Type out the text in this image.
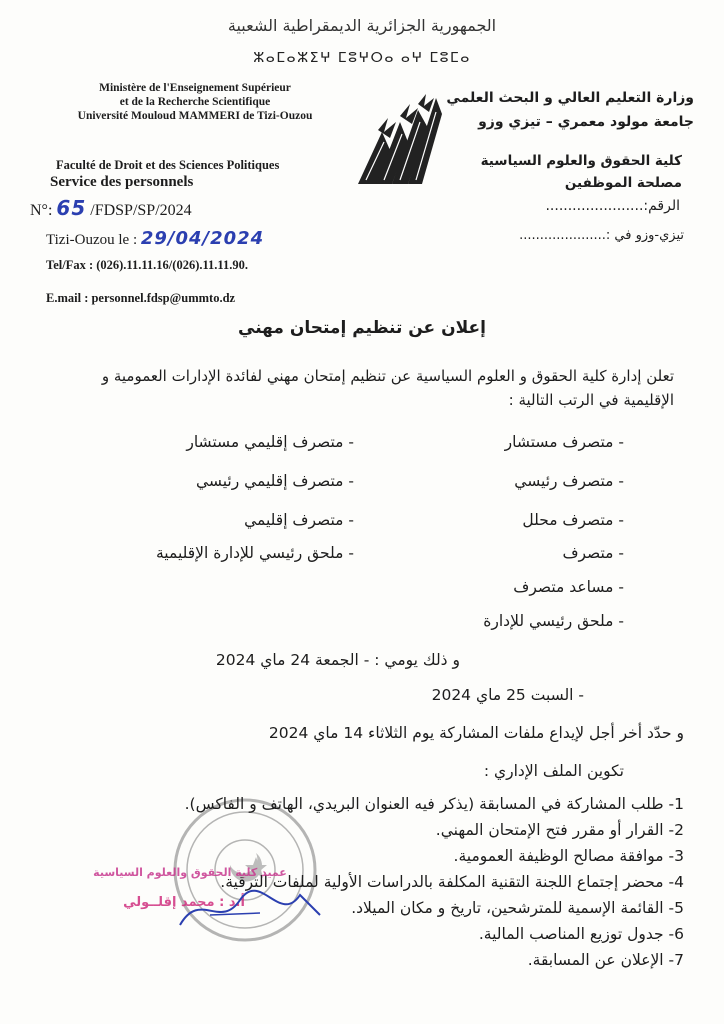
الجمهورية الجزائرية الديمقراطية الشعبية
ⵣⴰⵎⴰⵣⵉⵖ ⵎⵓⵖⵔⴰ ⴰⵖ ⵎⵓⵎⴰ
Ministère de l'Enseignement Supérieur
et de la Recherche Scientifique
Université Mouloud MAMMERI de Tizi-Ouzou
وزارة التعليم العالي و البحث العلمي
جامعة مولود معمري – تيزي وزو
Faculté de Droit et des Sciences Politiques
Service des personnels
N°: 65 /FDSP/SP/2024
Tizi-Ouzou le : 29/04/2024
Tel/Fax : (026).11.11.16/(026).11.11.90.
E.mail : personnel.fdsp@ummto.dz
كلية الحقوق والعلوم السياسية
مصلحة الموظفين
الرقم:......................
تيزي-وزو في :.....................
إعلان عن تنظيم إمتحان مهني
تعلن إدارة كلية الحقوق و العلوم السياسية عن تنظيم إمتحان مهني لفائدة الإدارات العمومية و الإقليمية في الرتب التالية :
- متصرف مستشار
- متصرف رئيسي
- متصرف محلل
- متصرف
- مساعد متصرف
- ملحق رئيسي للإدارة
- متصرف إقليمي مستشار
- متصرف إقليمي رئيسي
- متصرف إقليمي
- ملحق رئيسي للإدارة الإقليمية
و ذلك يومي : - الجمعة 24 ماي 2024
- السبت 25 ماي 2024
و حدّد أخر أجل لإيداع ملفات المشاركة يوم الثلاثاء 14 ماي 2024
تكوين الملف الإداري :
1- طلب المشاركة في المسابقة (يذكر فيه العنوان البريدي، الهاتف و الفاكس).
2- القرار أو مقرر فتح الإمتحان المهني.
3- موافقة مصالح الوظيفة العمومية.
4- محضر إجتماع اللجنة التقنية المكلفة بالدراسات الأولية لملفات الترقية.
5- القائمة الإسمية للمترشحين، تاريخ و مكان الميلاد.
6- جدول توزيع المناصب المالية.
7- الإعلان عن المسابقة.
عميد كلية الحقوق والعلوم السياسية
أ.د : محمد إقلــولي
